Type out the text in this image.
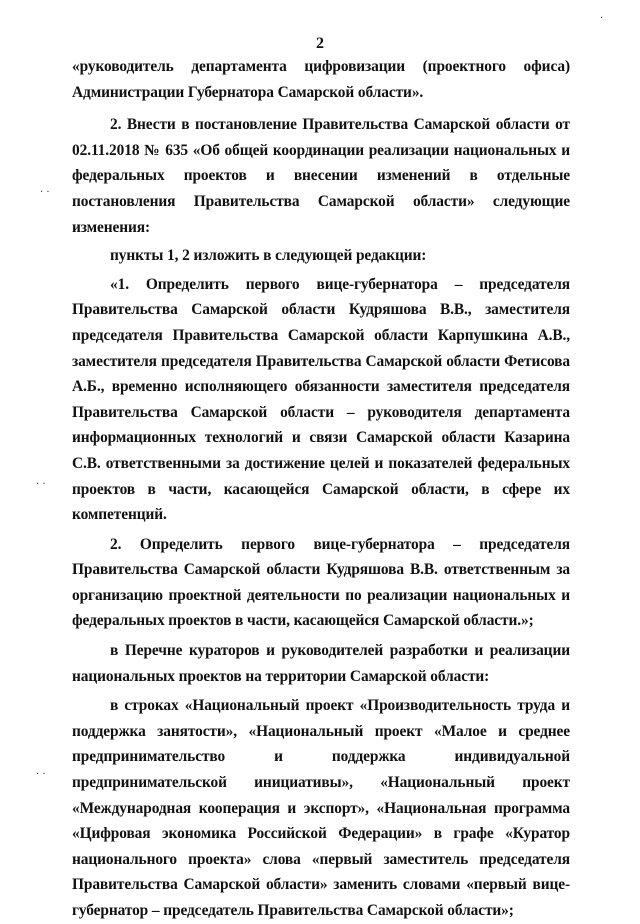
2

«руководитель департамента цифровизации (проектного офиса) Администрации Губернатора Самарской области».

2. Внести в постановление Правительства Самарской области от 02.11.2018 № 635 «Об общей координации реализации национальных и федеральных проектов и внесении изменений в отдельные постановления Правительства Самарской области» следующие изменения:

пункты 1, 2 изложить в следующей редакции:

«1. Определить первого вице-губернатора – председателя Правительства Самарской области Кудряшова В.В., заместителя председателя Правительства Самарской области Карпушкина А.В., заместителя председателя Правительства Самарской области Фетисова А.Б., временно исполняющего обязанности заместителя председателя Правительства Самарской области – руководителя департамента информационных технологий и связи Самарской области Казарина С.В. ответственными за достижение целей и показателей федеральных проектов в части, касающейся Самарской области, в сфере их компетенций.

2. Определить первого вице-губернатора – председателя Правительства Самарской области Кудряшова В.В. ответственным за организацию проектной деятельности по реализации национальных и федеральных проектов в части, касающейся Самарской области.»;

в Перечне кураторов и руководителей разработки и реализации национальных проектов на территории Самарской области:

в строках «Национальный проект «Производительность труда и поддержка занятости», «Национальный проект «Малое и среднее предпринимательство и поддержка индивидуальной предпринимательской инициативы», «Национальный проект «Международная кооперация и экспорт», «Национальная программа «Цифровая экономика Российской Федерации» в графе «Куратор национального проекта» слова «первый заместитель председателя Правительства Самарской области» заменить словами «первый вице-губернатор – председатель Правительства Самарской области»;

· ·
· ·
· ·
·
